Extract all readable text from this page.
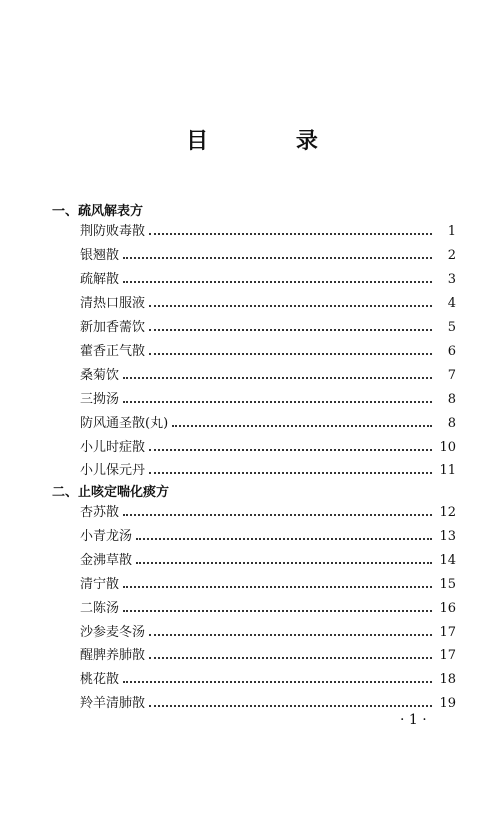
目 录
一、疏风解表方
荆防败毒散	1
银翘散	2
疏解散	3
清热口服液	4
新加香薷饮	5
藿香正气散	6
桑菊饮	7
三拗汤	8
防风通圣散(丸)	8
小儿时症散	10
小儿保元丹	11
二、止咳定喘化痰方
杏苏散	12
小青龙汤	13
金沸草散	14
清宁散	15
二陈汤	16
沙参麦冬汤	17
醒脾养肺散	17
桃花散	18
羚羊清肺散	19
· 1 ·
